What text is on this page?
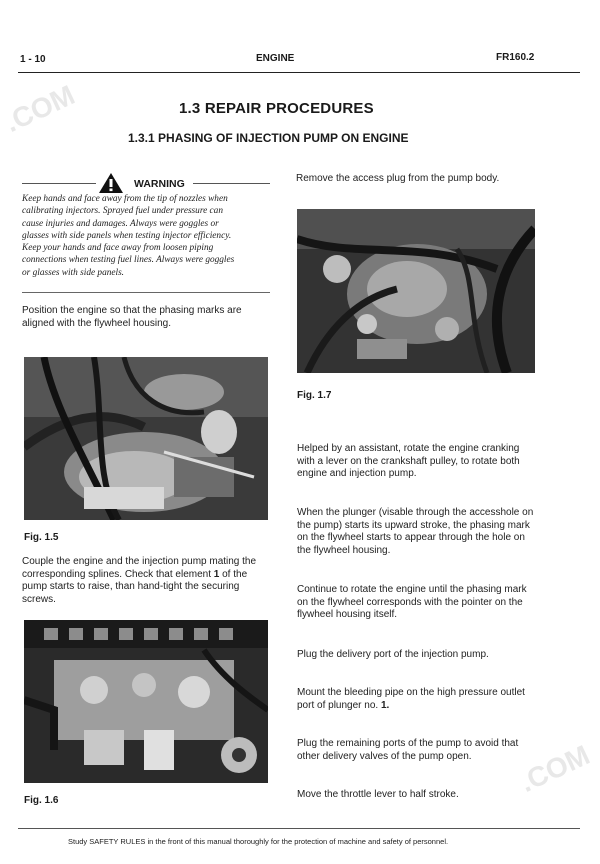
1 - 10	ENGINE	FR160.2
.COM
.COM
1.3 REPAIR PROCEDURES
1.3.1 PHASING OF INJECTION PUMP ON ENGINE
WARNING
Keep hands and face away from the tip of nozzles when
calibrating injectors. Sprayed fuel under pressure can
cause injuries and damages. Always were goggles or
glasses with side panels when testing injector efficiency.
Keep your hands and face away from loosen piping
connections when testing fuel lines. Always were goggles
or glasses with side panels.
Position the engine so that the phasing marks are
aligned with the flywheel housing.
Fig. 1.5
Couple the engine and the injection pump mating the
corresponding splines. Check that element 1 of the
pump starts to raise, than hand-tight the securing
screws.
Fig. 1.6
Remove the access plug from the pump body.
Fig. 1.7
Helped by an assistant, rotate the engine cranking
with a lever on the crankshaft pulley, to rotate both
engine and injection pump.
When the plunger (visable through the accesshole on
the pump) starts its upward stroke, the phasing mark
on the flywheel starts to appear through the hole on
the flywheel housing.
Continue to rotate the engine until the phasing mark
on the flywheel corresponds with the pointer on the
flywheel housing itself.
Plug the delivery port of the injection pump.
Mount the bleeding pipe on the high pressure outlet
port of plunger no. 1.
Plug the remaining ports of the pump to avoid that
other delivery valves of the pump open.
Move the throttle lever to half stroke.
Study SAFETY RULES in the front of this manual thoroughly for the protection of machine and safety of personnel.
